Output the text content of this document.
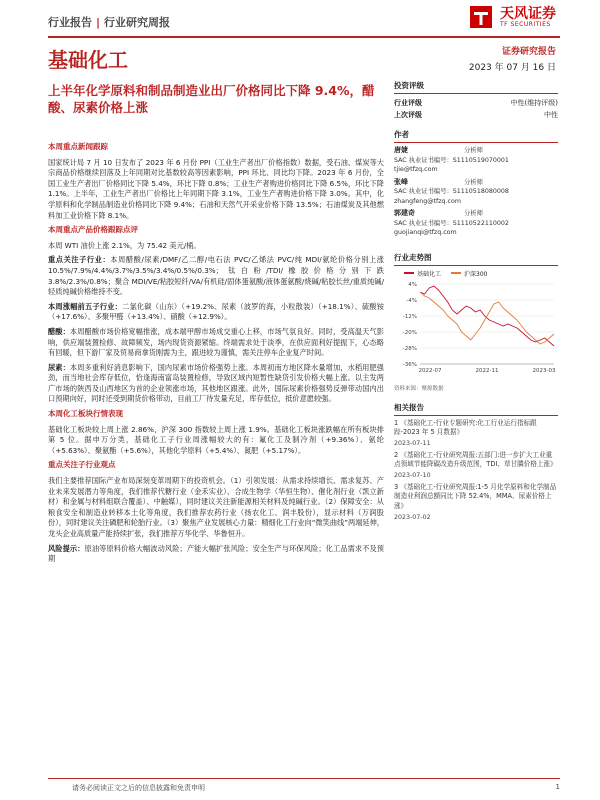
行业报告 | 行业研究周报
天风证券
TF SECURITIES
基础化工	证券研究报告
2023 年 07 月 16 日
上半年化学原料和制品制造业出厂价格同比下降 9.4%，醋酸、尿素价格上涨
本周重点新闻跟踪
国家统计局 7 月 10 日发布了 2023 年 6 月份 PPI（工业生产者出厂价格指数）数据，受石油、煤炭等大宗商品价格继续回落及上年同期对比基数较高等因素影响，PPI 环比、同比均下降。2023 年 6 月份，全国工业生产者出厂价格同比下降 5.4%，环比下降 0.8%；工业生产者购进价格同比下降 6.5%，环比下降 1.1%。上半年，工业生产者出厂价格比上年同期下降 3.1%，工业生产者购进价格下降 3.0%。其中，化学原料和化学制品制造业价格同比下降 9.4%；石油和天然气开采业价格下降 13.5%；石油煤炭及其他燃料加工业价格下降 8.1%。
本周重点产品价格跟踪点评
本周 WTI 油价上涨 2.1%，为 75.42 美元/桶。
重点关注子行业：本周醋酸/尿素/DMF/乙二醇/电石法 PVC/乙烯法 PVC/纯 MDI/氨纶价格分别上涨 10.5%/7.9%/4.4%/3.7%/3.5%/3.4%/0.5%/0.3%；钛白粉/TDI/橡胶价格分别下跌 3.8%/2.3%/0.8%；聚合 MDI/VE/粘胶短纤/VA/有机硅/固体蛋氨酸/液体蛋氨酸/烧碱/粘胶长丝/重质纯碱/轻质纯碱价格维持不变。
本周涨幅前五子行业：二氯化碳（山东）（+19.2%、尿素（波罗的海，小粒散装）（+18.1%）、硫酸铵（+17.6%）、多聚甲醛（+13.4%）、硝酸（+12.9%）。
醋酸：本周醋酸市场价格宽幅推涨，成本端甲醇市场成交重心上移，市场气氛良好。同时，受高温天气影响，供应端装置检修、故障频发，场内现货资源紧缩。终端需求处于淡季，在供应面利好提振下，心态略有回暖，但下游厂家及贸易商拿货刚需为主，跟进较为谨慎，需关注停车企业复产时间。
尿素：本周多重利好消息影响下，国内尿素市场价格强势上涨。本周初南方地区降水量增加，水稻用肥强劲，而当地社会库存低位，恰逢海南富岛装置检修，导致区域内短暂性缺货引发价格大幅上涨。以主发两广市场的陕西及山西地区为首的企业领涨市场，其他地区跟涨。此外，国际尿素价格强势反弹带动国内出口预期向好，同时还受到期货价格带动，目前工厂待发量充足，库存低位，抵价意愿较强。
本周化工板块行情表现
基础化工板块较上周上涨 2.86%，沪深 300 指数较上周上涨 1.9%。基础化工板块涨跌幅在所有板块排第 5 位。据申万分类，基础化工子行业周涨幅较大的有：氟化工及制冷剂（+9.36%）、氨纶（+5.63%）、聚氨酯（+5.6%），其他化学原料（+5.4%）、氮肥（+5.17%）。
重点关注子行业观点
我们主要推荐国际产业布局深刻变革周期下的投资机会。（1）引领发展：从需求持续增长、需求复苏、产业未来发展潜力等角度，我们推荐代糖行业（金禾实业）、合成生物学（华恒生物）、催化剂行业（凯立新材）和金属与材料组联合覆盖）、中触媒），同时建议关注新能源相关材料及纯碱行业。（2）保障安全：从粮食安全和制造业转移本土化等角度，我们推荐农药行业（扬农化工、润丰股份），显示材料（万润股份），同时建议关注磷肥和轮胎行业。（3）聚焦产业发展核心力量：精细化工行业向“微笑曲线”两端延伸，龙头企业高质量产能持续扩张，我们推荐万华化学、华鲁恒升。
风险提示：原油等原料价格大幅波动风险；产能大幅扩张风险；安全生产与环保风险；化工品需求不及预期
投资评级
行业评级	中性(维持评级)
上次评级	中性
作者
唐婕	分析师
SAC 执业证书编号：S1110519070001
tjie@tfzq.com
张峰	分析师
SAC 执业证书编号：S1110518080008
zhangfeng@tfzq.com
郭建奇	分析师
SAC 执业证书编号：S1110522110002
guojianqi@tfzq.com
行业走势图
基础化工	沪深300
4%
-4%
-12%
-20%
-28%
-36%
2022-07	2022-11	2023-03
资料来源：聚源数据
相关报告
1 《基础化工-行业专题研究:化工行业运行指标跟踪-2023 年 5 月数据》
2023-07-11
2 《基础化工-行业研究周报:五部门:进一步扩大工业重点领域节能降碳改造升级范围，TDI、草甘膦价格上涨》
2023-07-10
3 《基础化工-行业研究周报:1-5 月化学原料和化学制品制造业利润总额同比下降 52.4%，MMA、尿素价格上涨》
2023-07-02
请务必阅读正文之后的信息披露和免责申明	1
